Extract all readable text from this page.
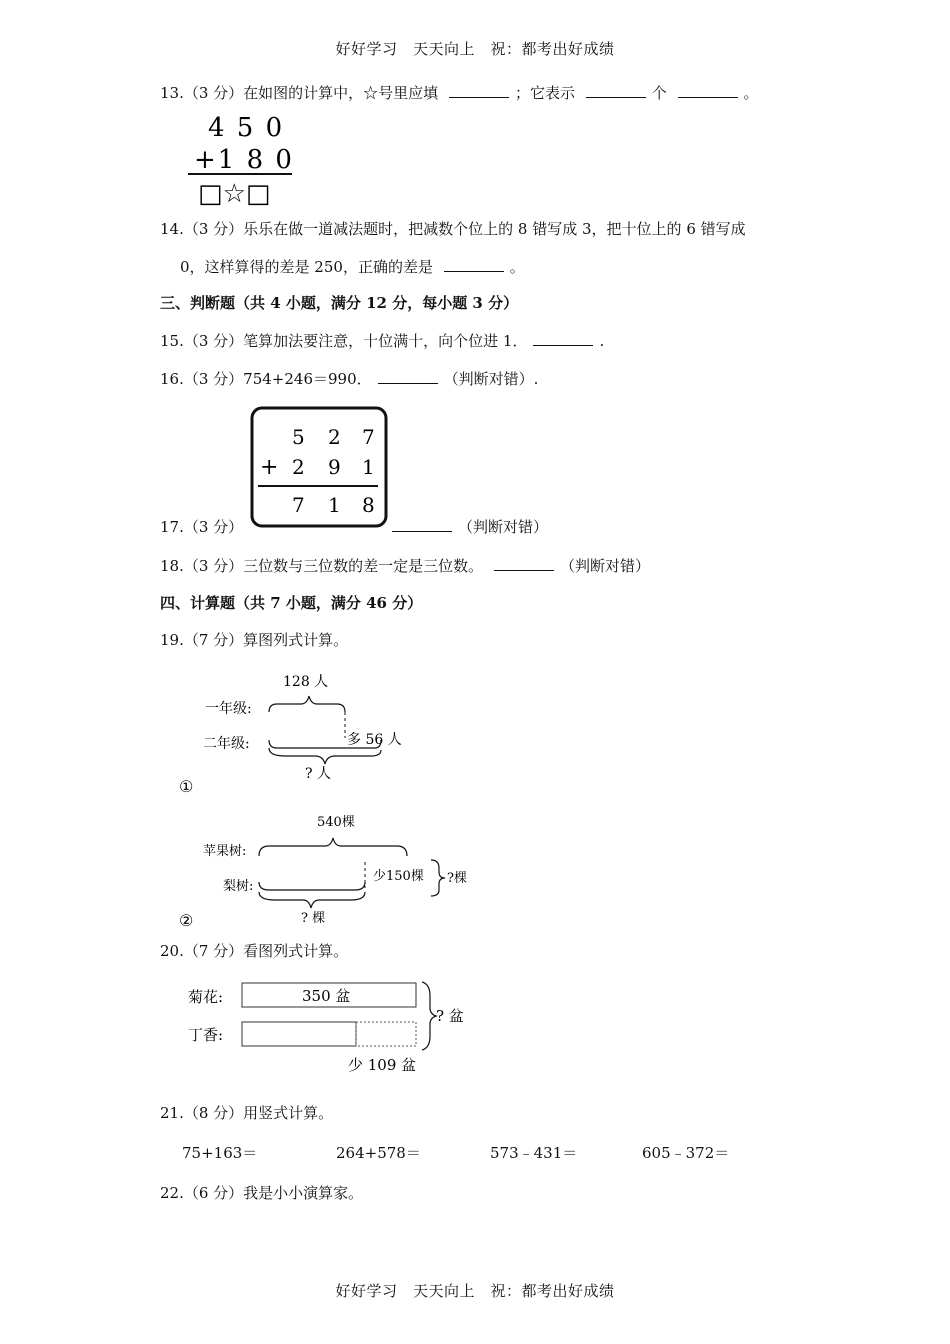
好好学习　天天向上　祝：都考出好成绩
13.（3 分）在如图的计算中，☆号里应填	；它表示	个	。
4 5 0
+1 8 0
□☆□
14.（3 分）乐乐在做一道减法题时，把减数个位上的 8 错写成 3，把十位上的 6 错写成
0，这样算得的差是 250，正确的差是	。
三、判断题（共 4 小题，满分 12 分，每小题 3 分）
15.（3 分）笔算加法要注意，十位满十，向个位进 1．	.
16.（3 分）754+246＝990．	（判断对错）.
5 2 7
+ 2 9 1
7 1 8
17.（3 分）	（判断对错）
18.（3 分）三位数与三位数的差一定是三位数。	（判断对错）
四、计算题（共 7 小题，满分 46 分）
19.（7 分）算图列式计算。
128 人
一年级:
二年级:	多 56 人
? 人
①
540棵
苹果树:
梨树:
少150棵 ?棵
? 棵
②
20.（7 分）看图列式计算。
菊花:	350 盆
丁香:
? 盆
少 109 盆
21.（8 分）用竖式计算。
75+163＝	264+578＝	573﹣431＝	605﹣372＝
22.（6 分）我是小小演算家。
好好学习　天天向上　祝：都考出好成绩
